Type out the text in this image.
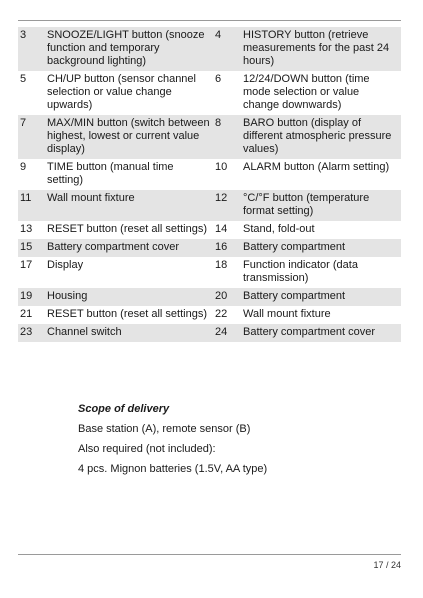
3	SNOOZE/LIGHT button (snooze function and temporary background lighting)	4	HISTORY button (retrieve measurements for the past 24 hours)
5	CH/UP button (sensor channel selection or value change upwards)	6	12/24/DOWN button (time mode selection or value change downwards)
7	MAX/MIN button (switch between highest, lowest or current value display)	8	BARO button (display of different atmospheric pressure values)
9	TIME button (manual time setting)	10	ALARM button (Alarm setting)
11	Wall mount fixture	12	°C/°F button (temperature format setting)
13	RESET button (reset all settings)	14	Stand, fold-out
15	Battery compartment cover	16	Battery compartment
17	Display	18	Function indicator (data transmission)
19	Housing	20	Battery compartment
21	RESET button (reset all settings)	22	Wall mount fixture
23	Channel switch	24	Battery compartment cover

Scope of delivery

Base station (A), remote sensor (B)

Also required (not included):

4 pcs. Mignon batteries (1.5V, AA type)

17 / 24
